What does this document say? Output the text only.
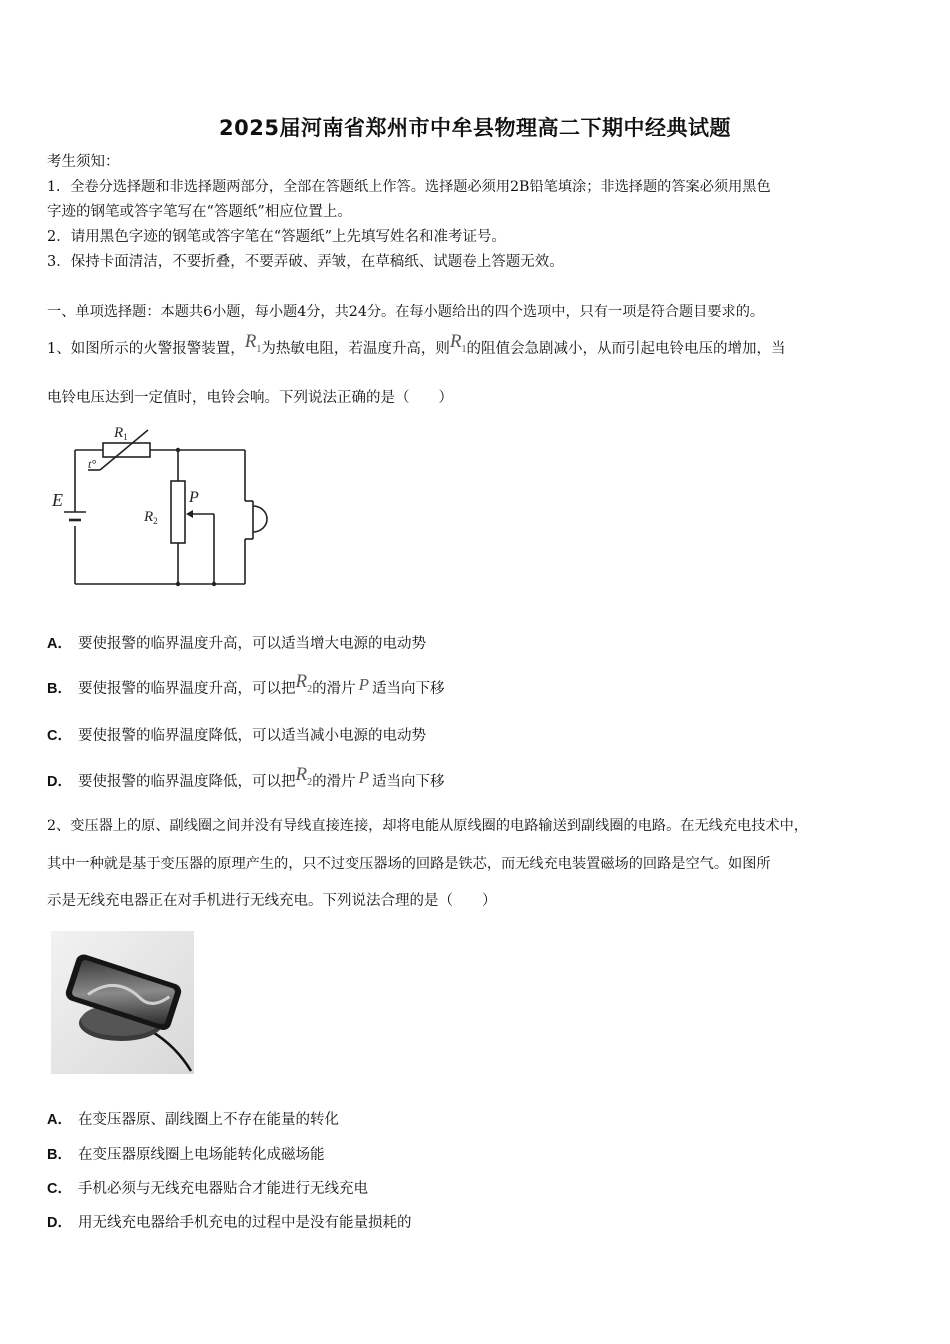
2025届河南省郑州市中牟县物理高二下期中经典试题
考生须知：
1．全卷分选择题和非选择题两部分，全部在答题纸上作答。选择题必须用2B铅笔填涂；非选择题的答案必须用黑色
字迹的钢笔或答字笔写在“答题纸”相应位置上。
2．请用黑色字迹的钢笔或答字笔在“答题纸”上先填写姓名和准考证号。
3．保持卡面清洁，不要折叠，不要弄破、弄皱，在草稿纸、试题卷上答题无效。
一、单项选择题：本题共6小题，每小题4分，共24分。在每小题给出的四个选项中，只有一项是符合题目要求的。
1、如图所示的火警报警装置，$R_1$为热敏电阻，若温度升高，则$R_1$的阻值会急剧减小，从而引起电铃电压的增加，当
电铃电压达到一定值时，电铃会响。下列说法正确的是（　　）
$R_1$
t°
E
$R_2$
P
A． 要使报警的临界温度升高，可以适当增大电源的电动势
B． 要使报警的临界温度升高，可以把$R_2$的滑片 P 适当向下移
C． 要使报警的临界温度降低，可以适当减小电源的电动势
D． 要使报警的临界温度降低，可以把$R_2$的滑片 P 适当向下移
2、变压器上的原、副线圈之间并没有导线直接连接，却将电能从原线圈的电路输送到副线圈的电路。在无线充电技术中，
其中一种就是基于变压器的原理产生的，只不过变压器场的回路是铁芯，而无线充电装置磁场的回路是空气。如图所
示是无线充电器正在对手机进行无线充电。下列说法合理的是（　　）
A． 在变压器原、副线圈上不存在能量的转化
B． 在变压器原线圈上电场能转化成磁场能
C． 手机必须与无线充电器贴合才能进行无线充电
D． 用无线充电器给手机充电的过程中是没有能量损耗的
